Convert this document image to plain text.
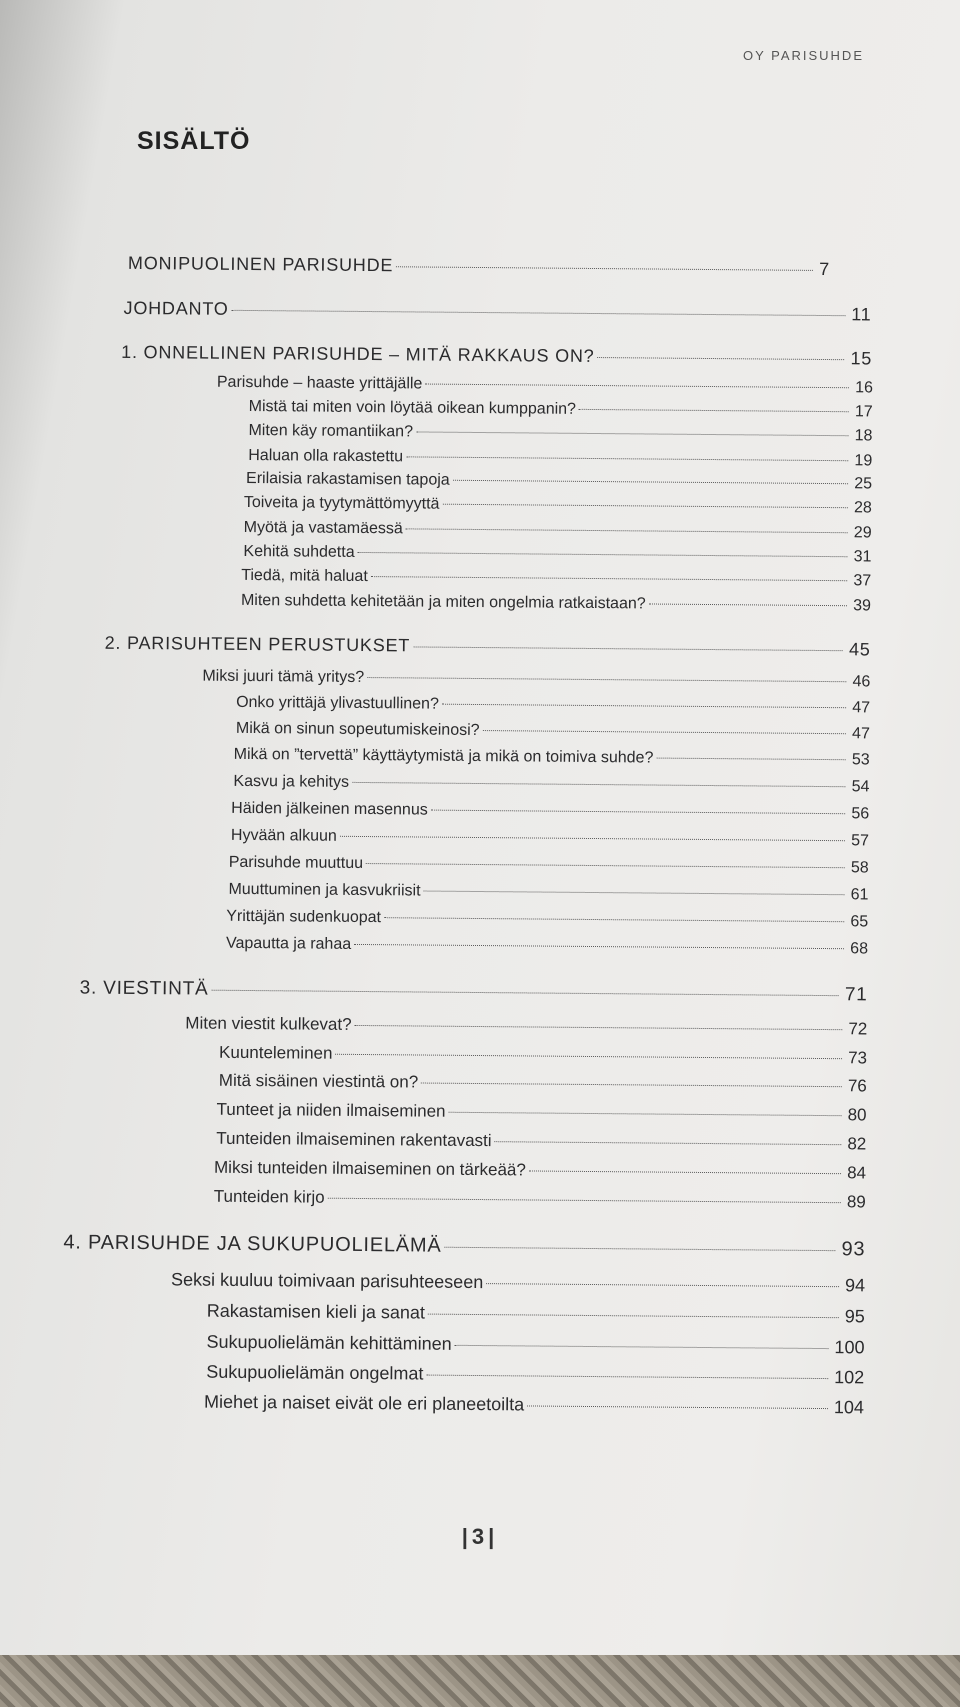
OY PARISUHDE
SISÄLTÖ
MONIPUOLINEN PARISUHDE	7
JOHDANTO	11
1. ONNELLINEN PARISUHDE – MITÄ RAKKAUS ON?	15
Parisuhde – haaste yrittäjälle	16
Mistä tai miten voin löytää oikean kumppanin?	17
Miten käy romantiikan?	18
Haluan olla rakastettu	19
Erilaisia rakastamisen tapoja	25
Toiveita ja tyytymättömyyttä	28
Myötä ja vastamäessä	29
Kehitä suhdetta	31
Tiedä, mitä haluat	37
Miten suhdetta kehitetään ja miten ongelmia ratkaistaan?	39
2. PARISUHTEEN PERUSTUKSET	45
Miksi juuri tämä yritys?	46
Onko yrittäjä ylivastuullinen?	47
Mikä on sinun sopeutumiskeinosi?	47
Mikä on ”tervettä” käyttäytymistä ja mikä on toimiva suhde?	53
Kasvu ja kehitys	54
Häiden jälkeinen masennus	56
Hyvään alkuun	57
Parisuhde muuttuu	58
Muuttuminen ja kasvukriisit	61
Yrittäjän sudenkuopat	65
Vapautta ja rahaa	68
3. VIESTINTÄ	71
Miten viestit kulkevat?	72
Kuunteleminen	73
Mitä sisäinen viestintä on?	76
Tunteet ja niiden ilmaiseminen	80
Tunteiden ilmaiseminen rakentavasti	82
Miksi tunteiden ilmaiseminen on tärkeää?	84
Tunteiden kirjo	89
4. PARISUHDE JA SUKUPUOLIELÄMÄ	93
Seksi kuuluu toimivaan parisuhteeseen	94
Rakastamisen kieli ja sanat	95
Sukupuolielämän kehittäminen	100
Sukupuolielämän ongelmat	102
Miehet ja naiset eivät ole eri planeetoilta	104
|3|
